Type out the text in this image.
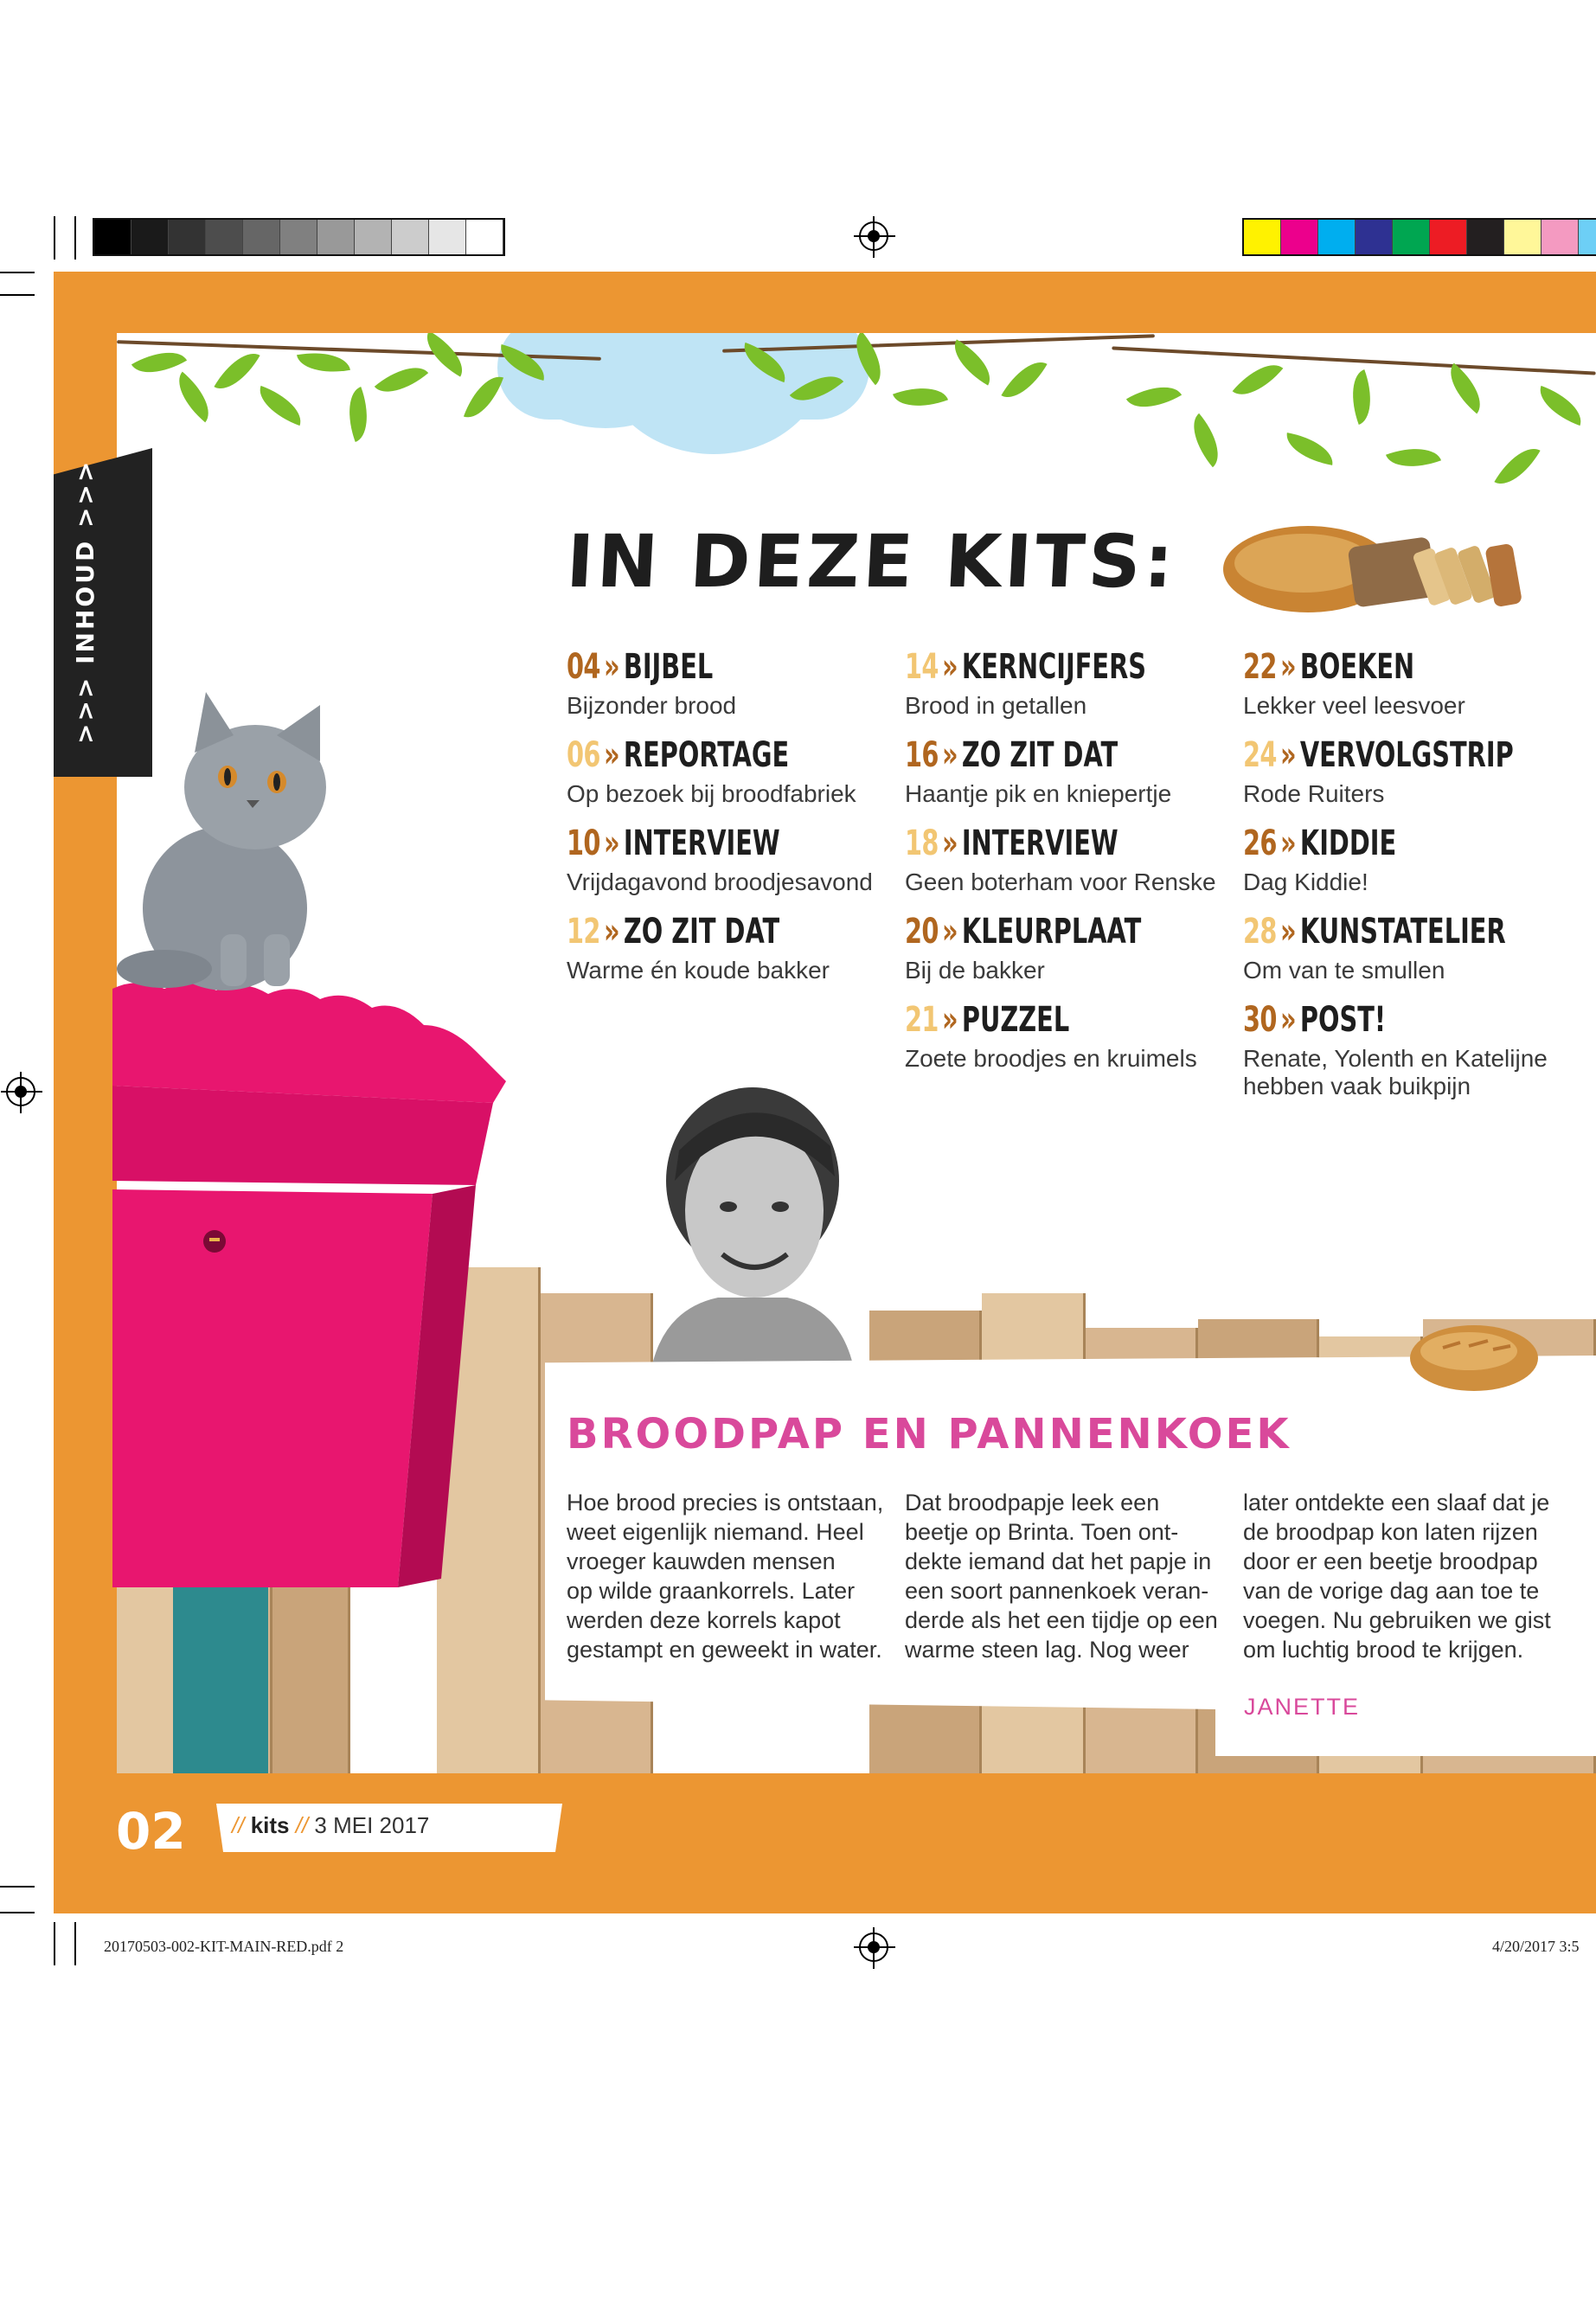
>>> INHOUD >>>	IN DEZE KITS:
04 » BIJBEL
Bijzonder brood
06 » REPORTAGE
Op bezoek bij broodfabriek
10 » INTERVIEW
Vrijdagavond broodjesavond
12 » ZO ZIT DAT
Warme én koude bakker
14 » KERNCIJFERS
Brood in getallen
16 » ZO ZIT DAT
Haantje pik en kniepertje
18 » INTERVIEW
Geen boterham voor Renske
20 » KLEURPLAAT
Bij de bakker
21 » PUZZEL
Zoete broodjes en kruimels
22 » BOEKEN
Lekker veel leesvoer
24 » VERVOLGSTRIP
Rode Ruiters
26 » KIDDIE
Dag Kiddie!
28 » KUNSTATELIER
Om van te smullen
30 » POST!
Renate, Yolenth en Katelijne
hebben vaak buikpijn
BROODPAP EN PANNENKOEK
Hoe brood precies is ontstaan,
weet eigenlijk niemand. Heel
vroeger kauwden mensen
op wilde graankorrels. Later
werden deze korrels kapot
gestampt en geweekt in water.
Dat broodpapje leek een
beetje op Brinta. Toen ont-
dekte iemand dat het papje in
een soort pannenkoek veran-
derde als het een tijdje op een
warme steen lag. Nog weer
later ontdekte een slaaf dat je
de broodpap kon laten rijzen
door er een beetje broodpap
van de vorige dag aan toe te
voegen. Nu gebruiken we gist
om luchtig brood te krijgen.
JANETTE
02 // kits // 3 MEI 2017
20170503-002-KIT-MAIN-RED.pdf 2	4/20/2017 3:5
